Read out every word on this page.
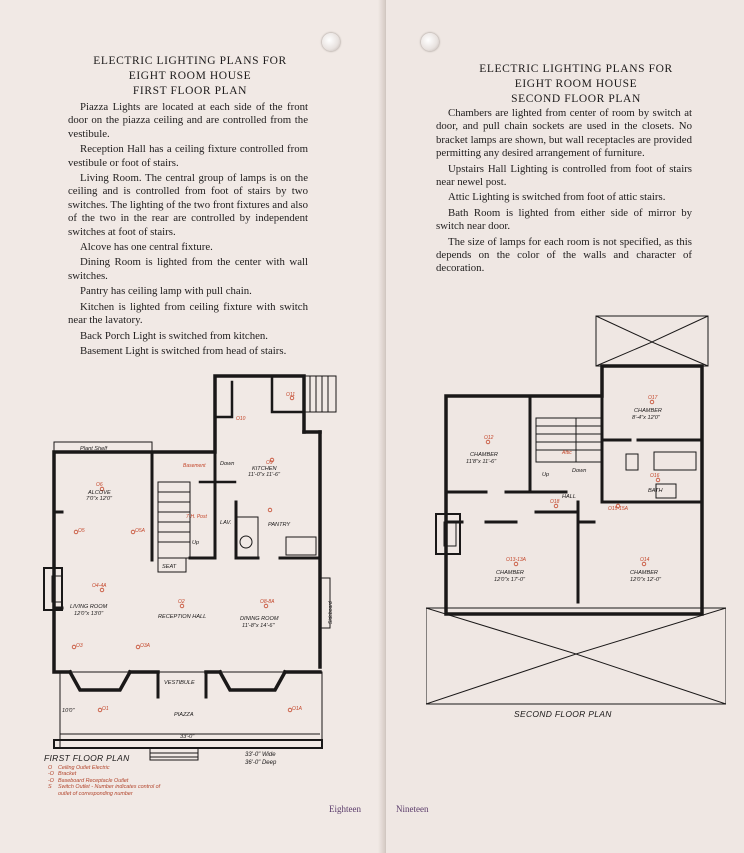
ELECTRIC LIGHTING PLANS FOR
EIGHT ROOM HOUSE
FIRST FLOOR PLAN

Piazza Lights are located at each side of the front door on the piazza ceiling and are controlled from the vestibule.

Reception Hall has a ceiling fixture controlled from vestibule or foot of stairs.

Living Room. The central group of lamps is on the ceiling and is controlled from foot of stairs by two switches. The lighting of the two front fixtures and also of the two in the rear are controlled by independent switches at foot of stairs.

Alcove has one central fixture.

Dining Room is lighted from the center with wall switches.

Pantry has ceiling lamp with pull chain.

Kitchen is lighted from ceiling fixture with switch near the lavatory.

Back Porch Light is switched from kitchen.

Basement Light is switched from head of stairs.

O6
O11
O9
O10
O5	O5A
O4-4A
O2	O8-8A
O3	O3A
O1	O1A
Basement
7-H. Post
Plant Shelf
ALCOVE
7'0"x 12'0"
LIVING ROOM
12'0"x 13'0"	RECEPTION HALL	DINING ROOM
11'-8"x 14'-6"
KITCHEN
11'-0"x 11'-6"
PANTRY
VESTIBULE
PIAZZA
SEAT
LAV.
Down
Up
33'-0"
10'0"
Sideboard
FIRST FLOOR PLAN
O Ceiling Outlet Electric
-O Bracket
-O Baseboard Receptacle Outlet
S Switch Outlet - Number indicates control of
outlet of corresponding number
33'-0" Wide
36'-0" Deep
Eighteen
ELECTRIC LIGHTING PLANS FOR
EIGHT ROOM HOUSE
SECOND FLOOR PLAN

Chambers are lighted from center of room by switch at door, and pull chain sockets are used in the closets. No bracket lamps are shown, but wall receptacles are provided permitting any desired arrangement of furniture.

Upstairs Hall Lighting is controlled from foot of stairs near newel post.

Attic Lighting is switched from foot of attic stairs.

Bath Room is lighted from either side of mirror by switch near door.

The size of lamps for each room is not specified, as this depends on the color of the walls and character of decoration.

O17
O12
O13-13A	O14
O15-15A
O16
O18
Attic
CHAMBER
11'8"x 11'-6"
CHAMBER
8'-4"x 12'0"
CHAMBER
12'0"x 17'-0"
CHAMBER
12'0"x 12'-0"
HALL
BATH
Up
Down
SECOND FLOOR PLAN
Nineteen
